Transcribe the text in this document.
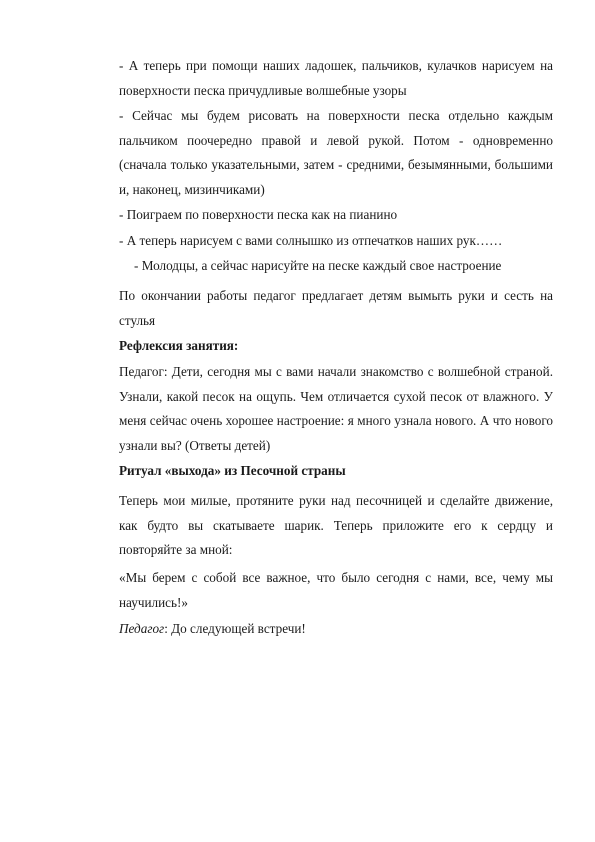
- А теперь при помощи наших ладошек, пальчиков, кулачков нарисуем на поверхности песка причудливые волшебные узоры
- Сейчас мы будем рисовать на поверхности песка отдельно каждым пальчиком поочередно правой и левой рукой. Потом - одновременно (сначала только указательными, затем - средними, безымянными, большими и, наконец, мизинчиками)
- Поиграем по поверхности песка как на пианино
- А теперь нарисуем с вами солнышко из отпечатков наших рук……
- Молодцы, а сейчас нарисуйте на песке каждый свое настроение
По окончании работы педагог предлагает детям вымыть руки и сесть на стулья
Рефлексия занятия:
Педагог: Дети, сегодня мы с вами начали знакомство с волшебной страной. Узнали, какой песок на ощупь. Чем отличается сухой песок от влажного. У меня сейчас очень хорошее настроение: я много узнала нового. А что нового узнали вы? (Ответы детей)
Ритуал «выхода» из Песочной страны
Теперь мои милые, протяните руки над песочницей и сделайте движение, как будто вы скатываете шарик. Теперь приложите его к сердцу и повторяйте за мной:
«Мы берем с собой все важное, что было сегодня с нами, все, чему мы научились!»
Педагог: До следующей встречи!
